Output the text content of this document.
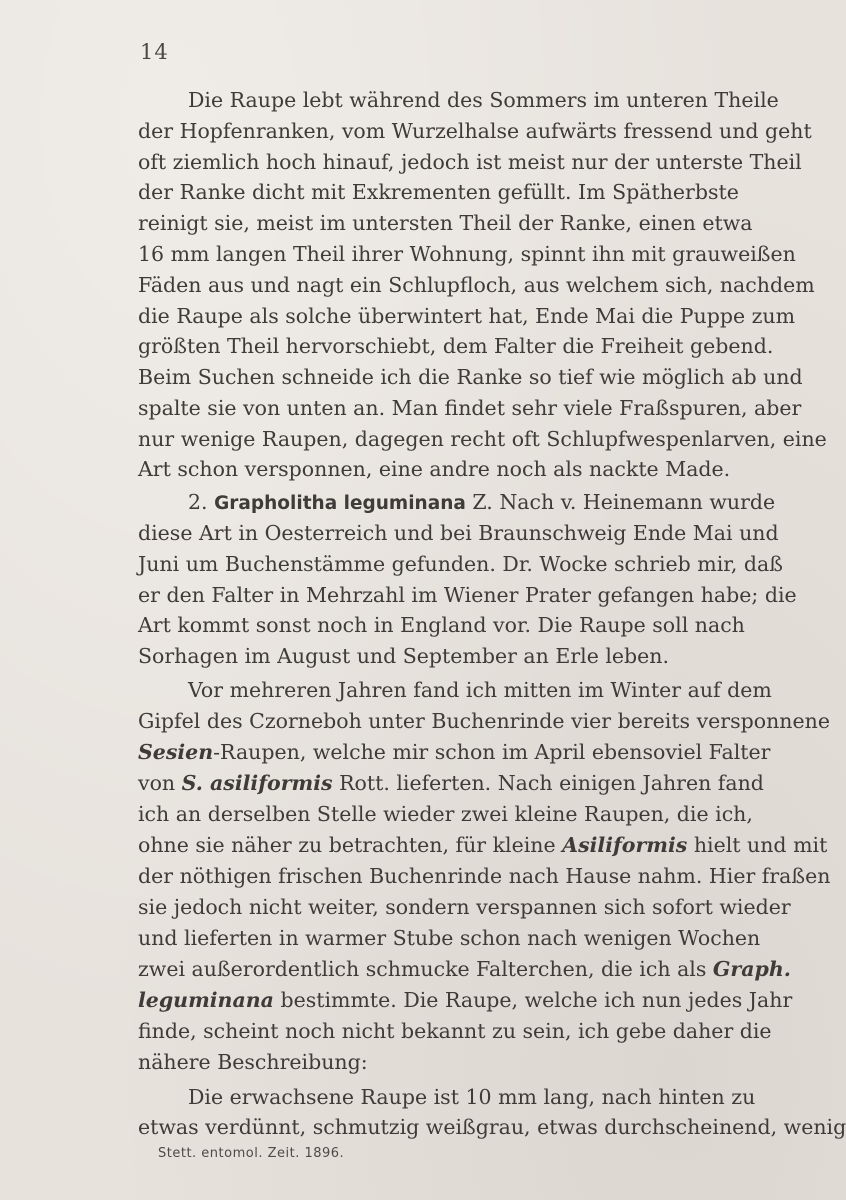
14
Die Raupe lebt während des Sommers im unteren Theile
der Hopfenranken, vom Wurzelhalse aufwärts fressend und geht
oft ziemlich hoch hinauf, jedoch ist meist nur der unterste Theil
der Ranke dicht mit Exkrementen gefüllt. Im Spätherbste
reinigt sie, meist im untersten Theil der Ranke, einen etwa
16 mm langen Theil ihrer Wohnung, spinnt ihn mit grauweißen
Fäden aus und nagt ein Schlupfloch, aus welchem sich, nachdem
die Raupe als solche überwintert hat, Ende Mai die Puppe zum
größten Theil hervorschiebt, dem Falter die Freiheit gebend.
Beim Suchen schneide ich die Ranke so tief wie möglich ab und
spalte sie von unten an. Man findet sehr viele Fraßspuren, aber
nur wenige Raupen, dagegen recht oft Schlupfwespenlarven, eine
Art schon versponnen, eine andre noch als nackte Made.
2. Grapholitha leguminana Z. Nach v. Heinemann wurde
diese Art in Oesterreich und bei Braunschweig Ende Mai und
Juni um Buchenstämme gefunden. Dr. Wocke schrieb mir, daß
er den Falter in Mehrzahl im Wiener Prater gefangen habe; die
Art kommt sonst noch in England vor. Die Raupe soll nach
Sorhagen im August und September an Erle leben.
Vor mehreren Jahren fand ich mitten im Winter auf dem
Gipfel des Czorneboh unter Buchenrinde vier bereits versponnene
Sesien-Raupen, welche mir schon im April ebensoviel Falter
von S. asiliformis Rott. lieferten. Nach einigen Jahren fand
ich an derselben Stelle wieder zwei kleine Raupen, die ich,
ohne sie näher zu betrachten, für kleine Asiliformis hielt und mit
der nöthigen frischen Buchenrinde nach Hause nahm. Hier fraßen
sie jedoch nicht weiter, sondern verspannen sich sofort wieder
und lieferten in warmer Stube schon nach wenigen Wochen
zwei außerordentlich schmucke Falterchen, die ich als Graph.
leguminana bestimmte. Die Raupe, welche ich nun jedes Jahr
finde, scheint noch nicht bekannt zu sein, ich gebe daher die
nähere Beschreibung:
Die erwachsene Raupe ist 10 mm lang, nach hinten zu
etwas verdünnt, schmutzig weißgrau, etwas durchscheinend, wenig
Stett. entomol. Zeit. 1896.
